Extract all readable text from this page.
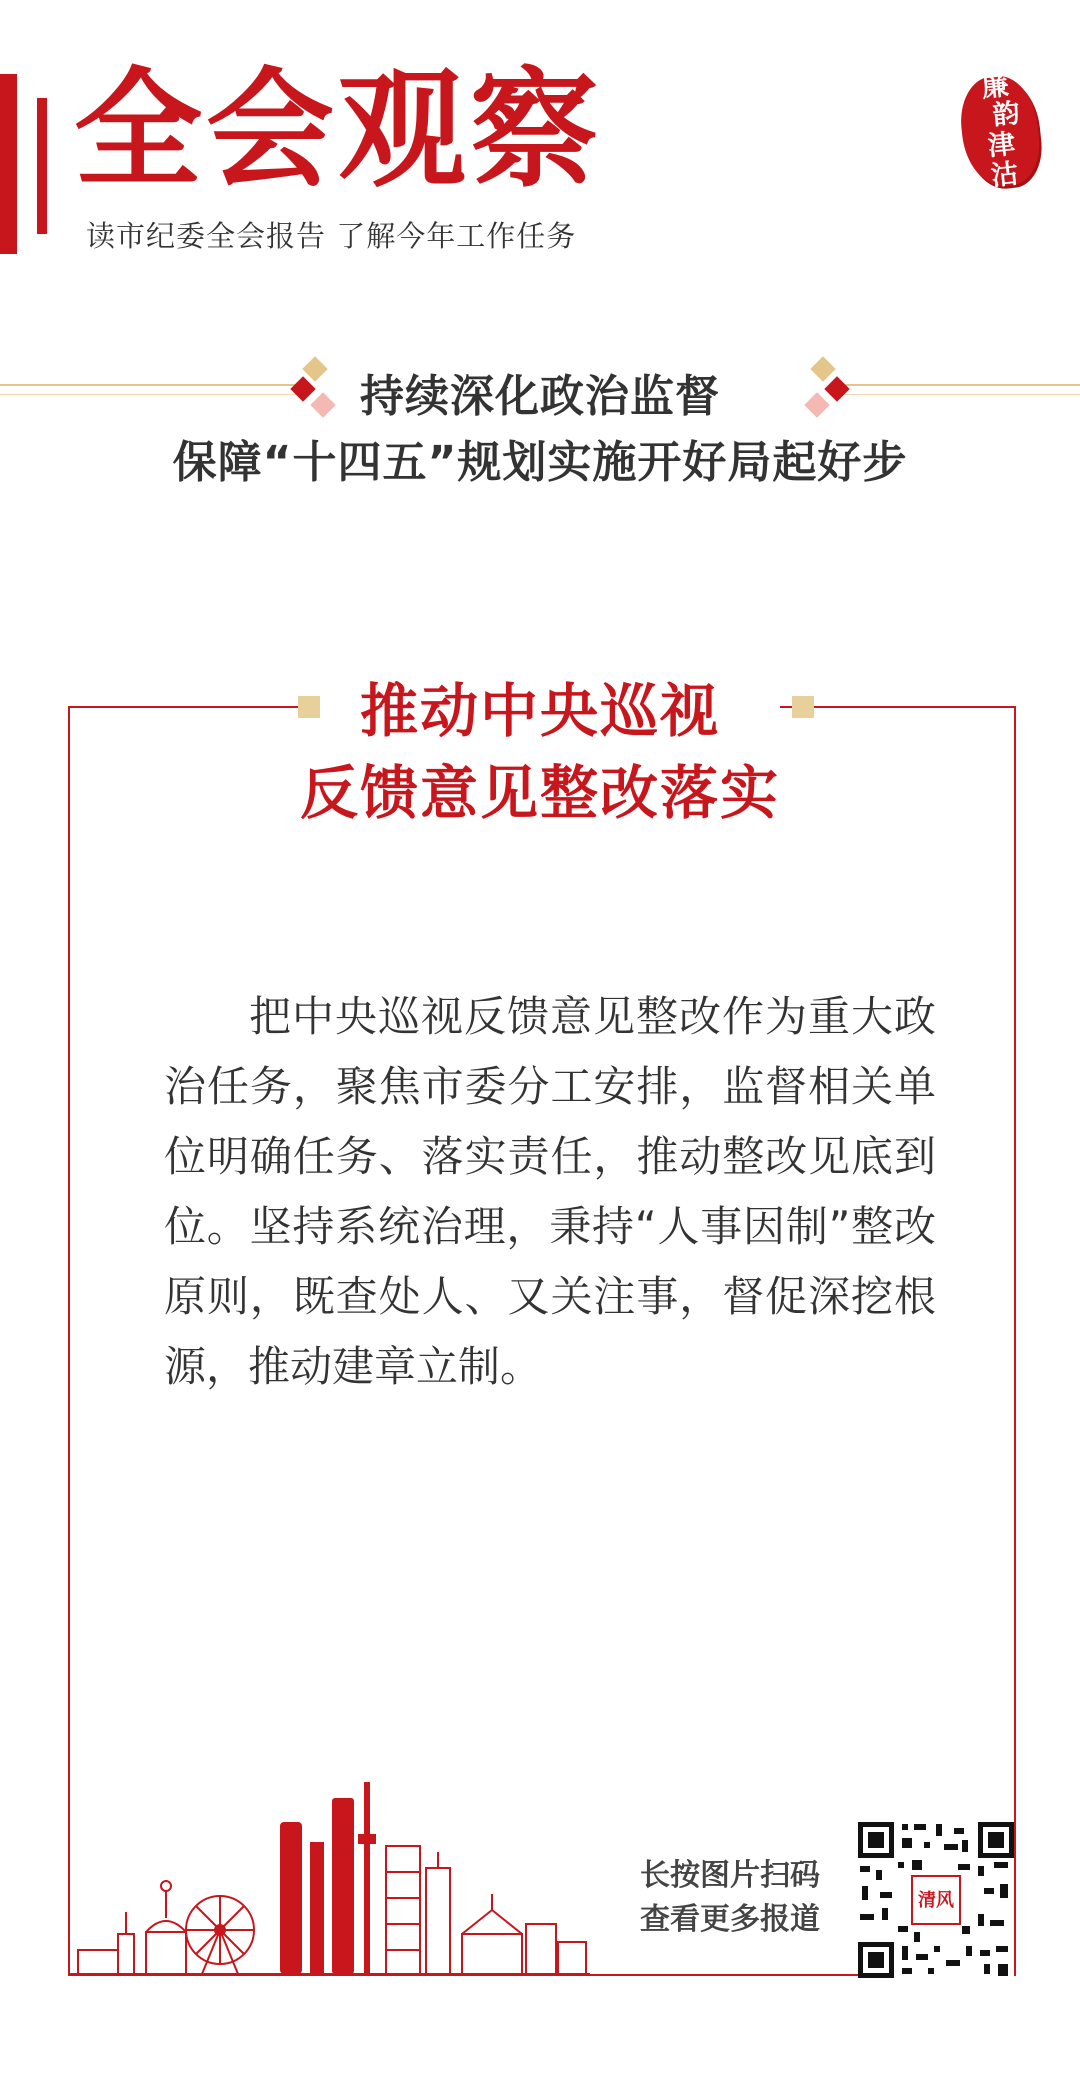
全会观察
读市纪委全会报告 了解今年工作任务
廉
韵
津
沽
持续深化政治监督
保障“十四五”规划实施开好局起好步
推动中央巡视
反馈意见整改落实
把中央巡视反馈意见整改作为重大政治任务，聚焦市委分工安排，监督相关单位明确任务、落实责任，推动整改见底到位。坚持系统治理，秉持“人事因制”整改原则，既查处人、又关注事，督促深挖根源，推动建章立制。
长按图片扫码
查看更多报道
清风
